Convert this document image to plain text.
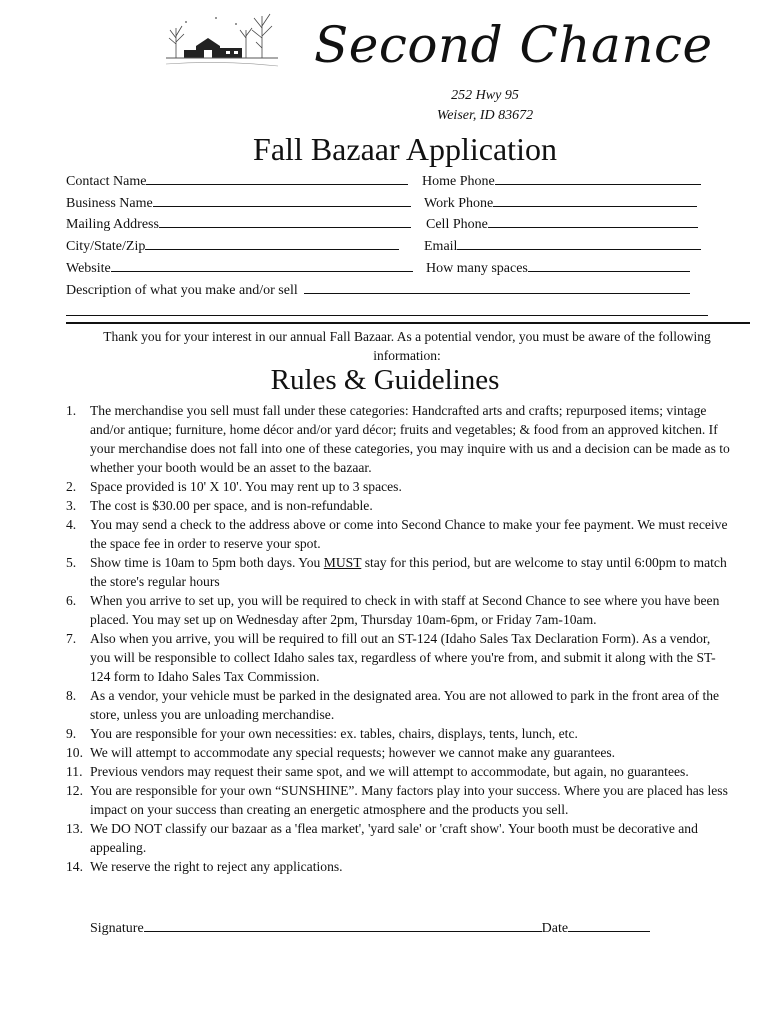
Second Chance
252 Hwy 95
Weiser, ID 83672
Fall Bazaar Application
Contact Name	Home Phone
Business Name	Work Phone
Mailing Address	Cell Phone
City/State/Zip	Email
Website	How many spaces
Description of what you make and/or sell
Thank you for your interest in our annual Fall Bazaar. As a potential vendor, you must be aware of the following information:
Rules & Guidelines
1. The merchandise you sell must fall under these categories: Handcrafted arts and crafts; repurposed items; vintage and/or antique; furniture, home décor and/or yard décor; fruits and vegetables; & food from an approved kitchen. If your merchandise does not fall into one of these categories, you may inquire with us and a decision can be made as to whether your booth would be an asset to the bazaar.
2. Space provided is 10' X 10'. You may rent up to 3 spaces.
3. The cost is $30.00 per space, and is non-refundable.
4. You may send a check to the address above or come into Second Chance to make your fee payment. We must receive the space fee in order to reserve your spot.
5. Show time is 10am to 5pm both days. You MUST stay for this period, but are welcome to stay until 6:00pm to match the store's regular hours
6. When you arrive to set up, you will be required to check in with staff at Second Chance to see where you have been placed. You may set up on Wednesday after 2pm, Thursday 10am-6pm, or Friday 7am-10am.
7. Also when you arrive, you will be required to fill out an ST-124 (Idaho Sales Tax Declaration Form). As a vendor, you will be responsible to collect Idaho sales tax, regardless of where you're from, and submit it along with the ST-124 form to Idaho Sales Tax Commission.
8. As a vendor, your vehicle must be parked in the designated area. You are not allowed to park in the front area of the store, unless you are unloading merchandise.
9. You are responsible for your own necessities: ex. tables, chairs, displays, tents, lunch, etc.
10. We will attempt to accommodate any special requests; however we cannot make any guarantees.
11. Previous vendors may request their same spot, and we will attempt to accommodate, but again, no guarantees.
12. You are responsible for your own “SUNSHINE”. Many factors play into your success. Where you are placed has less impact on your success than creating an energetic atmosphere and the products you sell.
13. We DO NOT classify our bazaar as a 'flea market', 'yard sale' or 'craft show'. Your booth must be decorative and appealing.
14. We reserve the right to reject any applications.
Signature	Date
